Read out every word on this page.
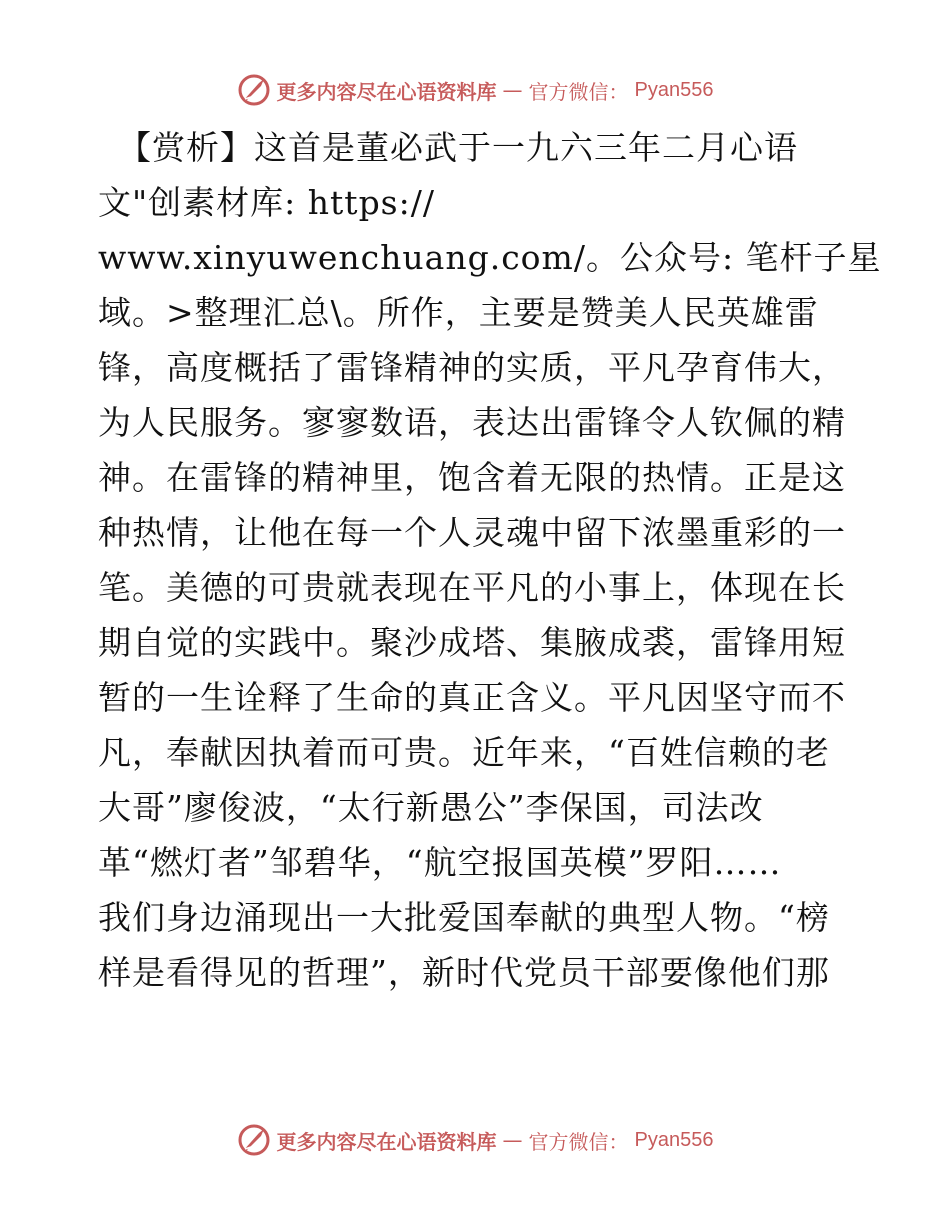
更多内容尽在心语资料库 — 官方微信： Pyan556
【赏析】这首是董必武于一九六三年二月心语
文"创素材库: https://
www.xinyuwenchuang.com/。公众号: 笔杆子星
域。>整理汇总\。所作，主要是赞美人民英雄雷
锋，高度概括了雷锋精神的实质，平凡孕育伟大，
为人民服务。寥寥数语，表达出雷锋令人钦佩的精
神。在雷锋的精神里，饱含着无限的热情。正是这
种热情，让他在每一个人灵魂中留下浓墨重彩的一
笔。美德的可贵就表现在平凡的小事上，体现在长
期自觉的实践中。聚沙成塔、集腋成裘，雷锋用短
暂的一生诠释了生命的真正含义。平凡因坚守而不
凡，奉献因执着而可贵。近年来，“百姓信赖的老
大哥”廖俊波，“太行新愚公”李保国，司法改
革“燃灯者”邹碧华，“航空报国英模”罗阳……
我们身边涌现出一大批爱国奉献的典型人物。“榜
样是看得见的哲理”，新时代党员干部要像他们那
更多内容尽在心语资料库 — 官方微信： Pyan556
